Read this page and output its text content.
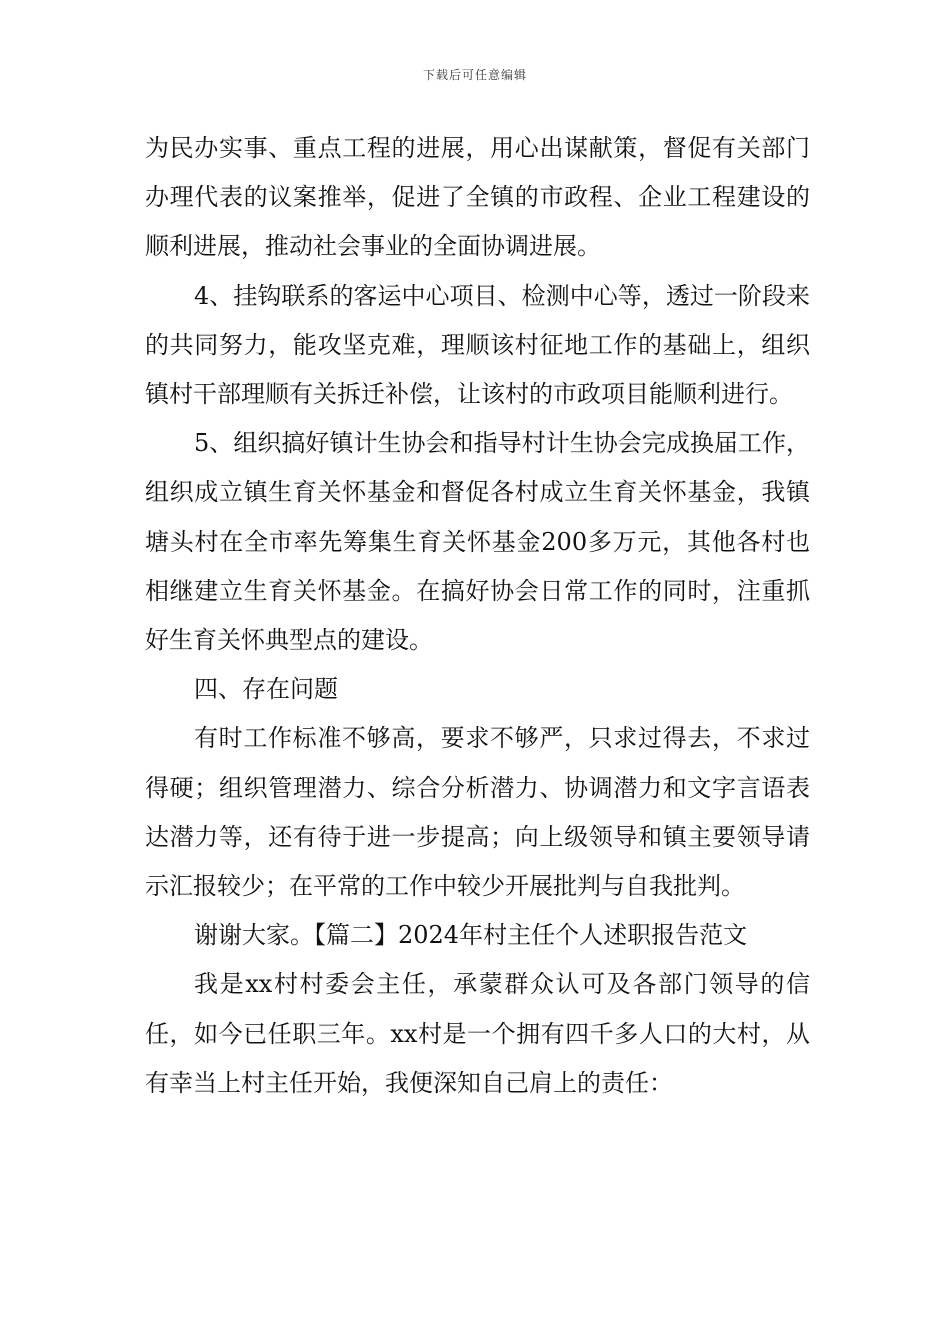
下载后可任意编辑

为民办实事、重点工程的进展，用心出谋献策，督促有关部门办理代表的议案推举，促进了全镇的市政程、企业工程建设的顺利进展，推动社会事业的全面协调进展。

4、挂钩联系的客运中心项目、检测中心等，透过一阶段来的共同努力，能攻坚克难，理顺该村征地工作的基础上，组织镇村干部理顺有关拆迁补偿，让该村的市政项目能顺利进行。

5、组织搞好镇计生协会和指导村计生协会完成换届工作，组织成立镇生育关怀基金和督促各村成立生育关怀基金，我镇塘头村在全市率先筹集生育关怀基金200多万元，其他各村也相继建立生育关怀基金。在搞好协会日常工作的同时，注重抓好生育关怀典型点的建设。

四、存在问题

有时工作标准不够高，要求不够严，只求过得去，不求过得硬；组织管理潜力、综合分析潜力、协调潜力和文字言语表达潜力等，还有待于进一步提高；向上级领导和镇主要领导请示汇报较少；在平常的工作中较少开展批判与自我批判。

谢谢大家。【篇二】2024年村主任个人述职报告范文

我是xx村村委会主任，承蒙群众认可及各部门领导的信任，如今已任职三年。xx村是一个拥有四千多人口的大村，从有幸当上村主任开始，我便深知自己肩上的责任：
